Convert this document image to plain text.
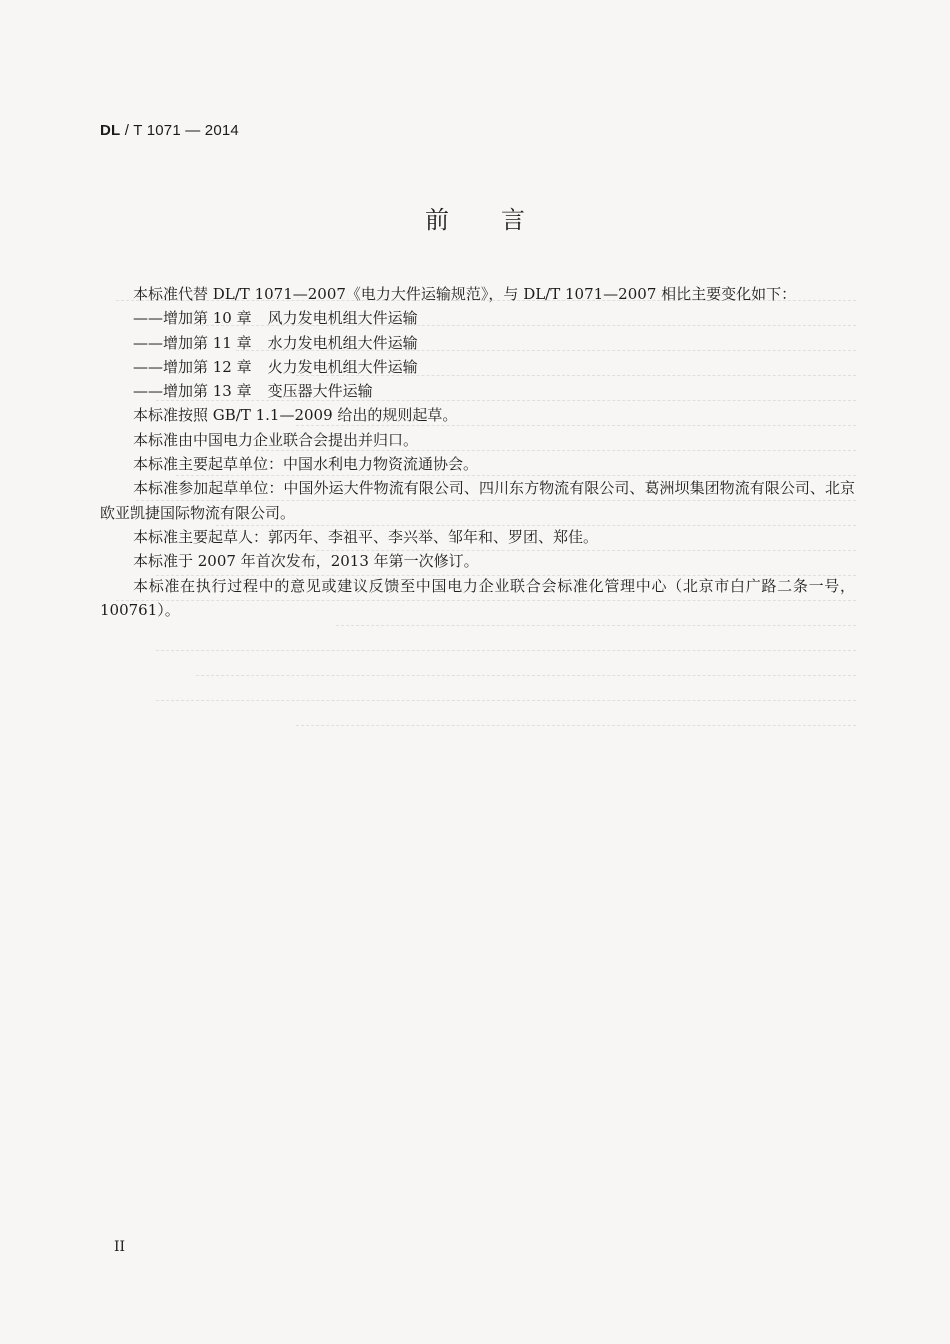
DL / T 1071 — 2014
前言
本标准代替 DL/T 1071—2007《电力大件运输规范》，与 DL/T 1071—2007 相比主要变化如下：
——增加第 10 章 风力发电机组大件运输
——增加第 11 章 水力发电机组大件运输
——增加第 12 章 火力发电机组大件运输
——增加第 13 章 变压器大件运输
本标准按照 GB/T 1.1—2009 给出的规则起草。
本标准由中国电力企业联合会提出并归口。
本标准主要起草单位：中国水利电力物资流通协会。
本标准参加起草单位：中国外运大件物流有限公司、四川东方物流有限公司、葛洲坝集团物流有限公司、北京欧亚凯捷国际物流有限公司。
本标准主要起草人：郭丙年、李祖平、李兴举、邹年和、罗团、郑佳。
本标准于 2007 年首次发布，2013 年第一次修订。
本标准在执行过程中的意见或建议反馈至中国电力企业联合会标准化管理中心（北京市白广路二条一号，100761）。
II
